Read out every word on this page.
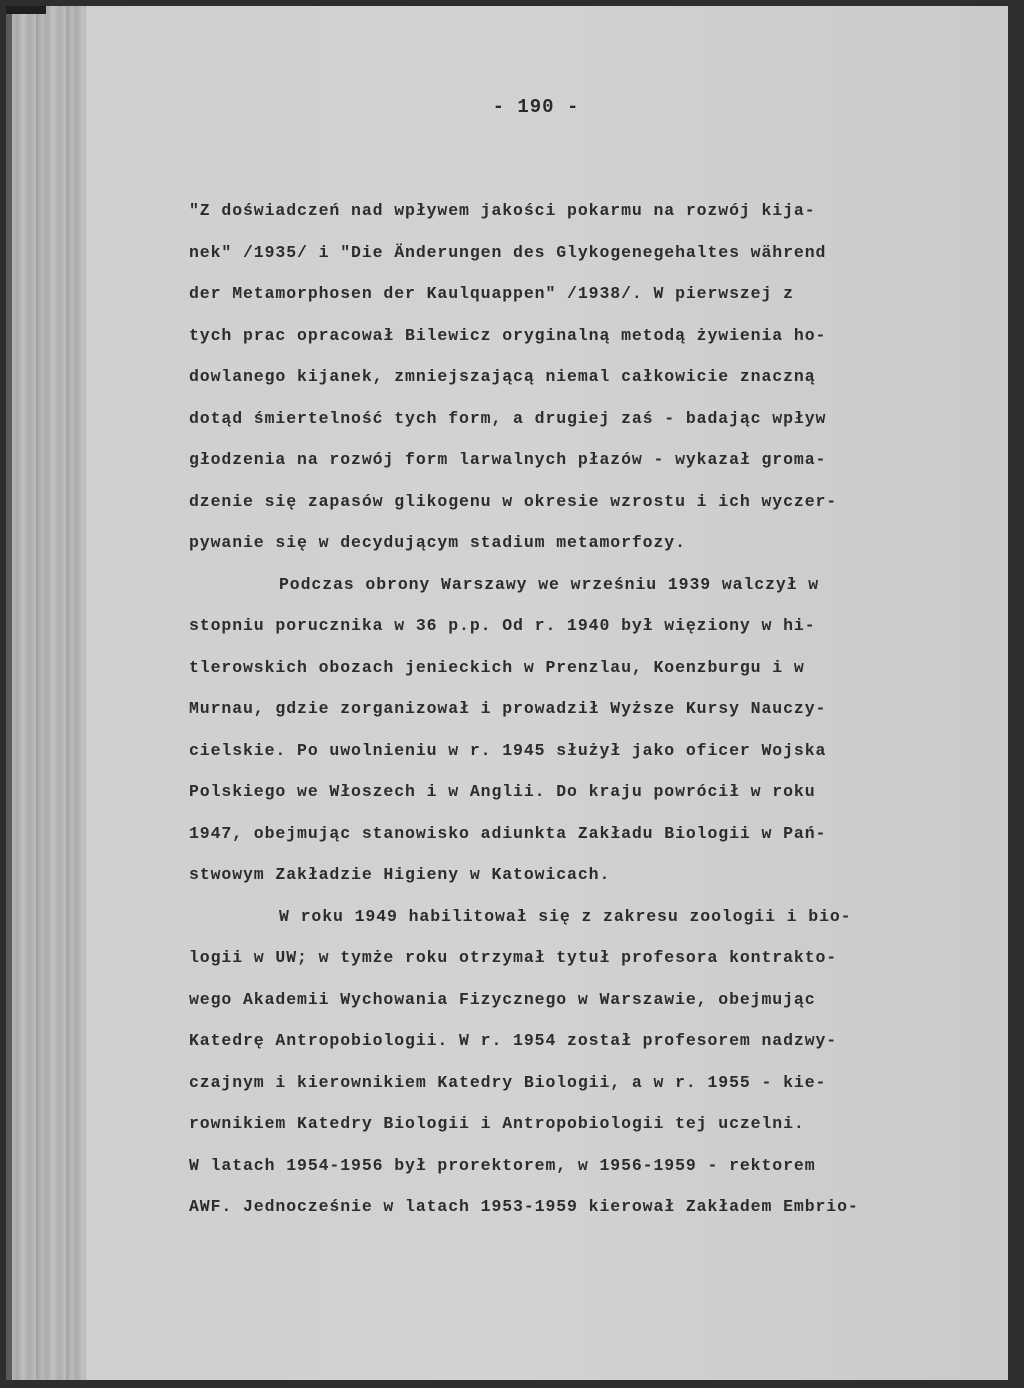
- 190 -
"Z doświadczeń nad wpływem jakości pokarmu na rozwój kija-
nek" /1935/ i "Die Änderungen des Glykogenegehaltes während
der Metamorphosen der Kaulquappen" /1938/. W pierwszej z
tych prac opracował Bilewicz oryginalną metodą żywienia ho-
dowlanego kijanek, zmniejszającą niemal całkowicie znaczną
dotąd śmiertelność tych form, a drugiej zaś - badając wpływ
głodzenia na rozwój form larwalnych płazów - wykazał groma-
dzenie się zapasów glikogenu w okresie wzrostu i ich wyczer-
pywanie się w decydującym stadium metamorfozy.
Podczas obrony Warszawy we wrześniu 1939 walczył w
stopniu porucznika w 36 p.p. Od r. 1940 był więziony w hi-
tlerowskich obozach jenieckich w Prenzlau, Koenzburgu i w
Murnau, gdzie zorganizował i prowadził Wyższe Kursy Nauczy-
cielskie. Po uwolnieniu w r. 1945 służył jako oficer Wojska
Polskiego we Włoszech i w Anglii. Do kraju powrócił w roku
1947, obejmując stanowisko adiunkta Zakładu Biologii w Pań-
stwowym Zakładzie Higieny w Katowicach.
W roku 1949 habilitował się z zakresu zoologii i bio-
logii w UW; w tymże roku otrzymał tytuł profesora kontrakto-
wego Akademii Wychowania Fizycznego w Warszawie, obejmując
Katedrę Antropobiologii. W r. 1954 został profesorem nadzwy-
czajnym i kierownikiem Katedry Biologii, a w r. 1955 - kie-
rownikiem Katedry Biologii i Antropobiologii tej uczelni.
W latach 1954-1956 był prorektorem, w 1956-1959 - rektorem
AWF. Jednocześnie w latach 1953-1959 kierował Zakładem Embrio-
